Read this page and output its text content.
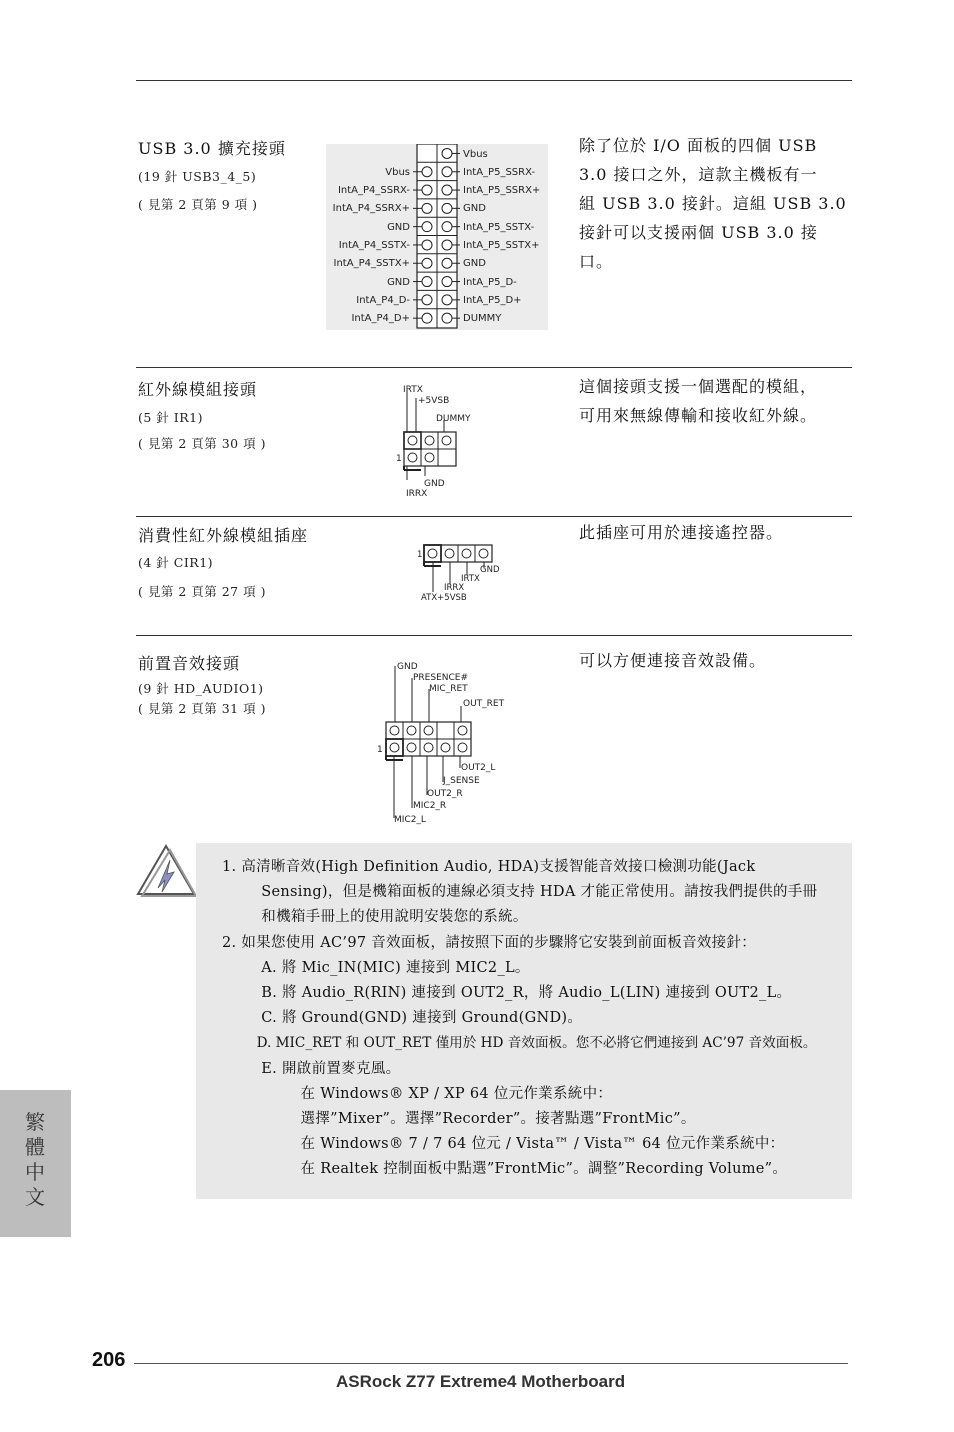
USB 3.0 擴充接頭
(19 針 USB3_4_5)
( 見第 2 頁第 9 項 )
除了位於 I/O 面板的四個 USB
3.0 接口之外，這款主機板有一
組 USB 3.0 接針。這組 USB 3.0
接針可以支援兩個 USB 3.0 接
口。
Vbus
IntA_P4_SSRX-
IntA_P4_SSRX+
GND
IntA_P4_SSTX-
IntA_P4_SSTX+
GND
IntA_P4_D-
IntA_P4_D+
Vbus
IntA_P5_SSRX-
IntA_P5_SSRX+
GND
IntA_P5_SSTX-
IntA_P5_SSTX+
GND
IntA_P5_D-
IntA_P5_D+
DUMMY
紅外線模組接頭
(5 針 IR1)
( 見第 2 頁第 30 項 )
這個接頭支援一個選配的模組，
可用來無線傳輸和接收紅外線。
IRTX
+5VSB
DUMMY
1
GND
IRRX
消費性紅外線模組插座
(4 針 CIR1)
( 見第 2 頁第 27 項 )
此插座可用於連接遙控器。
1
GND
IRTX
IRRX
ATX+5VSB
前置音效接頭
(9 針 HD_AUDIO1)
( 見第 2 頁第 31 項 )
可以方便連接音效設備。
GND
PRESENCE#
MIC_RET
OUT_RET
1
OUT2_L
J_SENSE
OUT2_R
MIC2_R
MIC2_L
1. 高清晰音效(High Definition Audio, HDA)支援智能音效接口檢測功能(Jack
Sensing)，但是機箱面板的連線必須支持 HDA 才能正常使用。請按我們提供的手冊
和機箱手冊上的使用說明安裝您的系統。
2. 如果您使用 AC’97 音效面板，請按照下面的步驟將它安裝到前面板音效接針：
A. 將 Mic_IN(MIC) 連接到 MIC2_L。
B. 將 Audio_R(RIN) 連接到 OUT2_R，將 Audio_L(LIN) 連接到 OUT2_L。
C. 將 Ground(GND) 連接到 Ground(GND)。
D. MIC_RET 和 OUT_RET 僅用於 HD 音效面板。您不必將它們連接到 AC’97 音效面板。
E. 開啟前置麥克風。
在 Windows® XP / XP 64 位元作業系統中：
選擇”Mixer”。選擇”Recorder”。接著點選”FrontMic”。
在 Windows® 7 / 7 64 位元 / Vista™ / Vista™ 64 位元作業系統中：
在 Realtek 控制面板中點選”FrontMic”。調整”Recording Volume”。
繁體中文
206
ASRock Z77 Extreme4 Motherboard
